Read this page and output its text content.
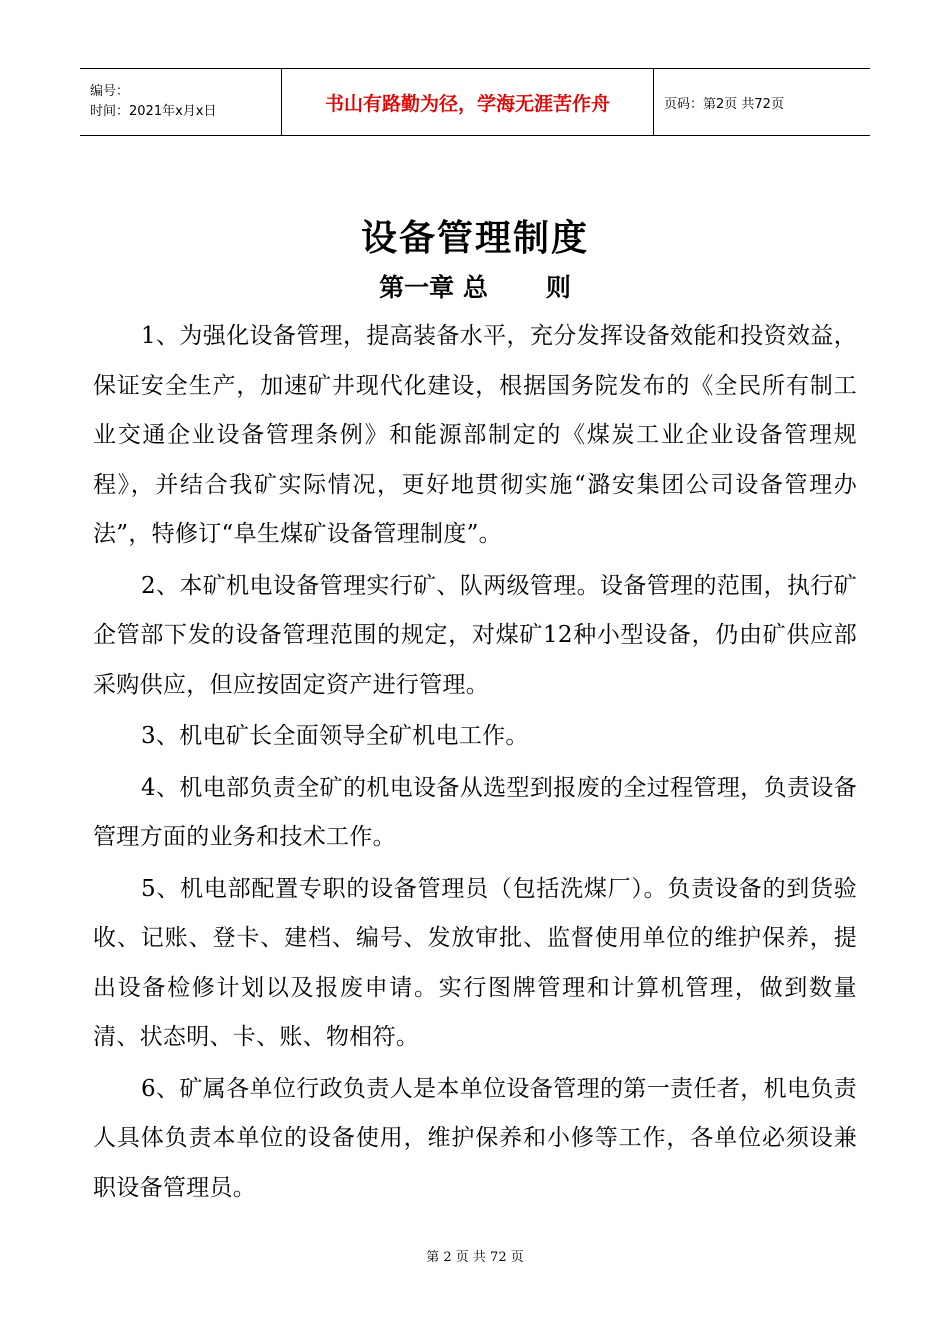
编号：
时间：2021年x月x日	书山有路勤为径，学海无涯苦作舟	页码：第2页 共72页
设备管理制度
第一章 总 则

1、为强化设备管理，提高装备水平，充分发挥设备效能和投资效益，保证安全生产，加速矿井现代化建设，根据国务院发布的《全民所有制工业交通企业设备管理条例》和能源部制定的《煤炭工业企业设备管理规程》，并结合我矿实际情况，更好地贯彻实施“潞安集团公司设备管理办法”，特修订“阜生煤矿设备管理制度”。

2、本矿机电设备管理实行矿、队两级管理。设备管理的范围，执行矿企管部下发的设备管理范围的规定，对煤矿12种小型设备，仍由矿供应部采购供应，但应按固定资产进行管理。

3、机电矿长全面领导全矿机电工作。

4、机电部负责全矿的机电设备从选型到报废的全过程管理，负责设备管理方面的业务和技术工作。

5、机电部配置专职的设备管理员（包括洗煤厂）。负责设备的到货验收、记账、登卡、建档、编号、发放审批、监督使用单位的维护保养，提出设备检修计划以及报废申请。实行图牌管理和计算机管理，做到数量清、状态明、卡、账、物相符。

6、矿属各单位行政负责人是本单位设备管理的第一责任者，机电负责人具体负责本单位的设备使用，维护保养和小修等工作，各单位必须设兼职设备管理员。

第 2 页 共 72 页
